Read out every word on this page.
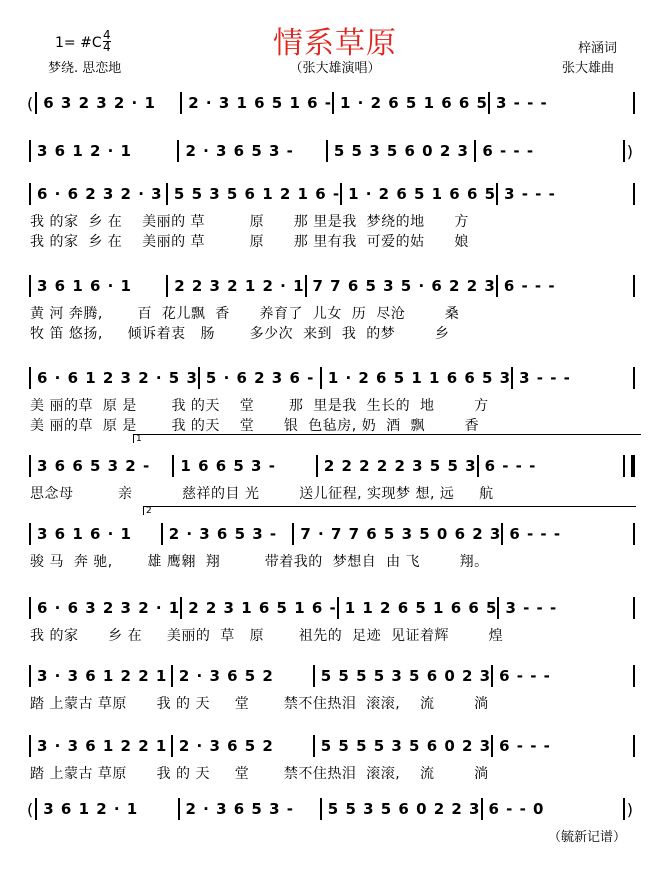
情系草原
1= #C 4
4
梦绕. 思恋地	（张大雄演唱）
梓涵词
张大雄曲
( 6 3 2 3 2 · 1	2 · 3 1 6 5 1 6 - 1 · 2 6 5 1 6 6 5 3 - - -
3 6 1 2 · 1	2 · 3 6 5 3 -	5 5 3 5 6 0 2 3 6 - - -	)
6 · 6 2 3 2 · 3 5 5 3 5 6 1 2 1 6 - 1 · 2 6 5 1 6 6 5 3 - - -
我 的家  乡 在    美丽的 草         原      那 里是我  梦绕的地      方
我 的家  乡 在    美丽的 草         原      那 里有我  可爱的姑      娘
3 6 1 6 · 1	2 2 3 2 1 2 · 1 7 7 6 5 3 5 · 6 2 2 3 6 - - -
黄 河 奔腾,       百  花儿飘  香      养育了  儿女  历  尽沧        桑
牧 笛 悠扬,     倾诉着衷   肠       多少次  来到  我  的梦        乡
6 · 6 1 2 3 2 · 5 3 5 · 6 2 3 6 - 1 · 2 6 5 1 1 6 6 5 3 3 - - -
美 丽的草  原 是       我 的天    堂       那  里是我  生长的  地        方
美 丽的草  原 是       我 的天    堂      银  色毡房, 奶  酒  飘        香
3 6 6 5 3 2 -	1 6 6 5 3 -	2 2 2 2 2 3 5 5 3 6 - - -
思念母         亲          慈祥的目 光        送儿征程, 实现梦 想, 远     航
3 6 1 6 · 1	2 · 3 6 5 3 -	7 · 7 7 6 5 3 5 0 6 2 3 6 - - -
骏 马  奔 驰,       雄 鹰翱  翔         带着我的  梦想自  由 飞        翔。
6 · 6 3 2 3 2 · 1 2 2 3 1 6 5 1 6 - 1 1 2 6 5 1 6 6 5 3 - - -
我 的家      乡 在     美丽的  草   原       祖先的  足迹  见证着辉        煌
3 · 3 6 1 2 2 1 2 · 3 6 5 2	5 5 5 5 3 5 6 0 2 3 6 - - -
踏 上蒙古 草原      我 的 天     堂       禁不住热泪  滚滚,    流        淌
3 · 3 6 1 2 2 1 2 · 3 6 5 2	5 5 5 5 3 5 6 0 2 3 6 - - -
踏 上蒙古 草原      我 的 天     堂       禁不住热泪  滚滚,    流        淌
( 3 6 1 2 · 1	2 · 3 6 5 3 -	5 5 3 5 6 0 2 2 3 6 - - 0	)
1
2
（毓新记谱）
